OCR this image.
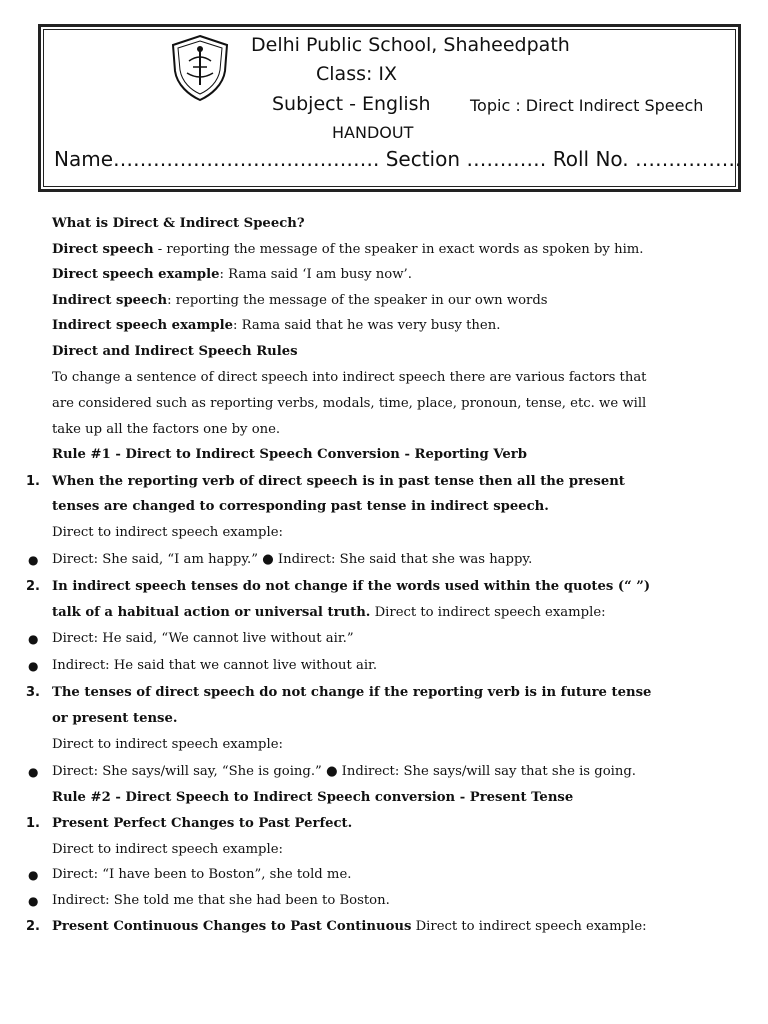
Delhi Public School, Shaheedpath
Class: IX
Subject - English Topic : Direct Indirect Speech
HANDOUT
Name…………………………………. Section ………… Roll No. …………….
What is Direct & Indirect Speech?
Direct speech - reporting the message of the speaker in exact words as spoken by him.
Direct speech example: Rama said ‘I am busy now’.
Indirect speech: reporting the message of the speaker in our own words
Indirect speech example: Rama said that he was very busy then.
Direct and Indirect Speech Rules
To change a sentence of direct speech into indirect speech there are various factors that
are considered such as reporting verbs, modals, time, place, pronoun, tense, etc. we will
take up all the factors one by one.
Rule #1 - Direct to Indirect Speech Conversion - Reporting Verb
1. When the reporting verb of direct speech is in past tense then all the present
tenses are changed to corresponding past tense in indirect speech.
Direct to indirect speech example:
● Direct: She said, “I am happy.” ● Indirect: She said that she was happy.
2. In indirect speech tenses do not change if the words used within the quotes (“ ”)
talk of a habitual action or universal truth. Direct to indirect speech example:
● Direct: He said, “We cannot live without air.”
● Indirect: He said that we cannot live without air.
3. The tenses of direct speech do not change if the reporting verb is in future tense
or present tense.
Direct to indirect speech example:
● Direct: She says/will say, “She is going.” ● Indirect: She says/will say that she is going.
Rule #2 - Direct Speech to Indirect Speech conversion - Present Tense
1. Present Perfect Changes to Past Perfect.
Direct to indirect speech example:
● Direct: “I have been to Boston”, she told me.
● Indirect: She told me that she had been to Boston.
2. Present Continuous Changes to Past Continuous Direct to indirect speech example:
